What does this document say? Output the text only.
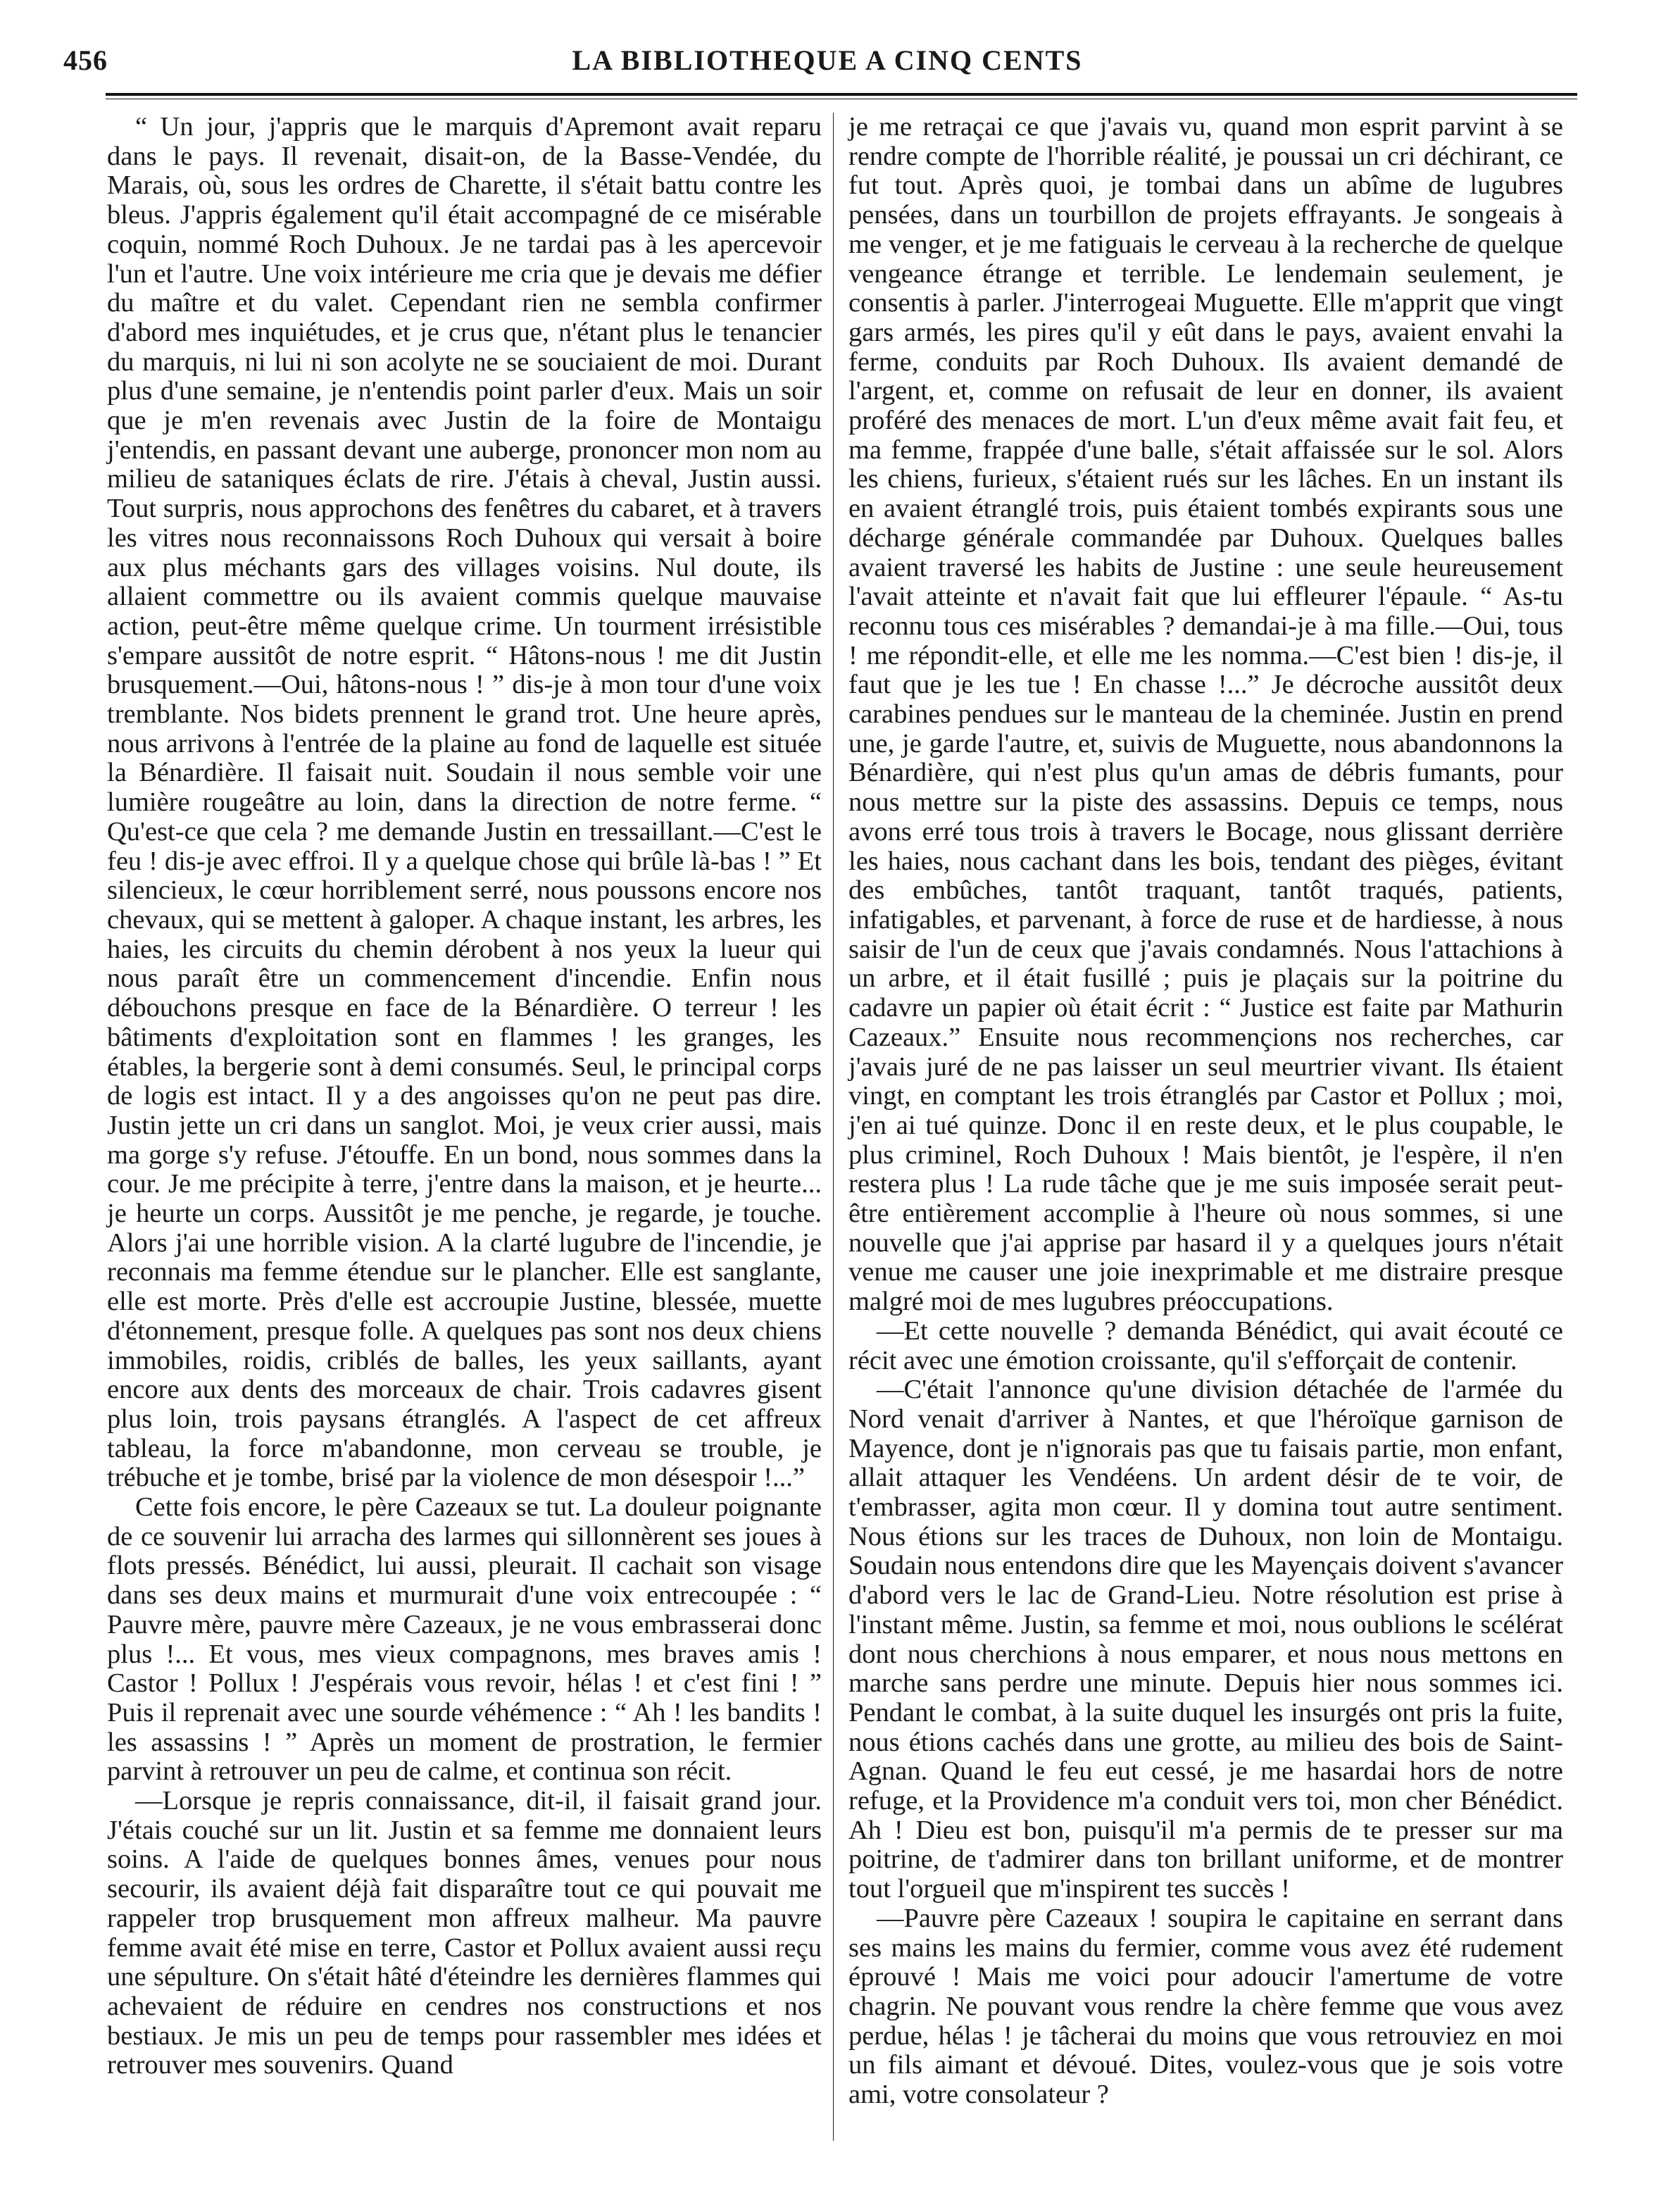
456	LA BIBLIOTHEQUE A CINQ CENTS

“ Un jour, j'appris que le marquis d'Apremont avait reparu dans le pays. Il revenait, disait-on, de la Basse-Vendée, du Marais, où, sous les ordres de Charette, il s'était battu contre les bleus. J'appris également qu'il était accompagné de ce misérable coquin, nommé Roch Duhoux. Je ne tardai pas à les apercevoir l'un et l'autre. Une voix intérieure me cria que je devais me défier du maître et du valet. Cependant rien ne sembla confirmer d'abord mes inquiétudes, et je crus que, n'étant plus le tenancier du marquis, ni lui ni son acolyte ne se souciaient de moi. Durant plus d'une semaine, je n'entendis point parler d'eux. Mais un soir que je m'en revenais avec Justin de la foire de Montaigu j'entendis, en passant devant une auberge, prononcer mon nom au milieu de sataniques éclats de rire. J'étais à cheval, Justin aussi. Tout surpris, nous approchons des fenêtres du cabaret, et à travers les vitres nous reconnaissons Roch Duhoux qui versait à boire aux plus méchants gars des villages voisins. Nul doute, ils allaient commettre ou ils avaient commis quelque mauvaise action, peut-être même quelque crime. Un tourment irrésistible s'empare aussitôt de notre esprit. “ Hâtons-nous ! me dit Justin brusquement.—Oui, hâtons-nous ! ” dis-je à mon tour d'une voix tremblante. Nos bidets prennent le grand trot. Une heure après, nous arrivons à l'entrée de la plaine au fond de laquelle est située la Bénardière. Il faisait nuit. Soudain il nous semble voir une lumière rougeâtre au loin, dans la direction de notre ferme. “ Qu'est-ce que cela ? me demande Justin en tressaillant.—C'est le feu ! dis-je avec effroi. Il y a quelque chose qui brûle là-bas ! ” Et silencieux, le cœur horriblement serré, nous poussons encore nos chevaux, qui se mettent à galoper. A chaque instant, les arbres, les haies, les circuits du chemin dérobent à nos yeux la lueur qui nous paraît être un commencement d'incendie. Enfin nous débouchons presque en face de la Bénardière. O terreur ! les bâtiments d'exploitation sont en flammes ! les granges, les étables, la bergerie sont à demi consumés. Seul, le principal corps de logis est intact. Il y a des angoisses qu'on ne peut pas dire. Justin jette un cri dans un sanglot. Moi, je veux crier aussi, mais ma gorge s'y refuse. J'étouffe. En un bond, nous sommes dans la cour. Je me précipite à terre, j'entre dans la maison, et je heurte... je heurte un corps. Aussitôt je me penche, je regarde, je touche. Alors j'ai une horrible vision. A la clarté lugubre de l'incendie, je reconnais ma femme étendue sur le plancher. Elle est sanglante, elle est morte. Près d'elle est accroupie Justine, blessée, muette d'étonnement, presque folle. A quelques pas sont nos deux chiens immobiles, roidis, criblés de balles, les yeux saillants, ayant encore aux dents des morceaux de chair. Trois cadavres gisent plus loin, trois paysans étranglés. A l'aspect de cet affreux tableau, la force m'abandonne, mon cerveau se trouble, je trébuche et je tombe, brisé par la violence de mon désespoir !...”

Cette fois encore, le père Cazeaux se tut. La douleur poignante de ce souvenir lui arracha des larmes qui sillonnèrent ses joues à flots pressés. Bénédict, lui aussi, pleurait. Il cachait son visage dans ses deux mains et murmurait d'une voix entrecoupée : “ Pauvre mère, pauvre mère Cazeaux, je ne vous embrasserai donc plus !... Et vous, mes vieux compagnons, mes braves amis ! Castor ! Pollux ! J'espérais vous revoir, hélas ! et c'est fini ! ” Puis il reprenait avec une sourde véhémence : “ Ah ! les bandits ! les assassins ! ” Après un moment de prostration, le fermier parvint à retrouver un peu de calme, et continua son récit.

—Lorsque je repris connaissance, dit-il, il faisait grand jour. J'étais couché sur un lit. Justin et sa femme me donnaient leurs soins. A l'aide de quelques bonnes âmes, venues pour nous secourir, ils avaient déjà fait disparaître tout ce qui pouvait me rappeler trop brusquement mon affreux malheur. Ma pauvre femme avait été mise en terre, Castor et Pollux avaient aussi reçu une sépulture. On s'était hâté d'éteindre les dernières flammes qui achevaient de réduire en cendres nos constructions et nos bestiaux. Je mis un peu de temps pour rassembler mes idées et retrouver mes souvenirs. Quand

je me retraçai ce que j'avais vu, quand mon esprit parvint à se rendre compte de l'horrible réalité, je poussai un cri déchirant, ce fut tout. Après quoi, je tombai dans un abîme de lugubres pensées, dans un tourbillon de projets effrayants. Je songeais à me venger, et je me fatiguais le cerveau à la recherche de quelque vengeance étrange et terrible. Le lendemain seulement, je consentis à parler. J'interrogeai Muguette. Elle m'apprit que vingt gars armés, les pires qu'il y eût dans le pays, avaient envahi la ferme, conduits par Roch Duhoux. Ils avaient demandé de l'argent, et, comme on refusait de leur en donner, ils avaient proféré des menaces de mort. L'un d'eux même avait fait feu, et ma femme, frappée d'une balle, s'était affaissée sur le sol. Alors les chiens, furieux, s'étaient rués sur les lâches. En un instant ils en avaient étranglé trois, puis étaient tombés expirants sous une décharge générale commandée par Duhoux. Quelques balles avaient traversé les habits de Justine : une seule heureusement l'avait atteinte et n'avait fait que lui effleurer l'épaule. “ As-tu reconnu tous ces misérables ? demandai-je à ma fille.—Oui, tous ! me répondit-elle, et elle me les nomma.—C'est bien ! dis-je, il faut que je les tue ! En chasse !...” Je décroche aussitôt deux carabines pendues sur le manteau de la cheminée. Justin en prend une, je garde l'autre, et, suivis de Muguette, nous abandonnons la Bénardière, qui n'est plus qu'un amas de débris fumants, pour nous mettre sur la piste des assassins. Depuis ce temps, nous avons erré tous trois à travers le Bocage, nous glissant derrière les haies, nous cachant dans les bois, tendant des pièges, évitant des embûches, tantôt traquant, tantôt traqués, patients, infatigables, et parvenant, à force de ruse et de hardiesse, à nous saisir de l'un de ceux que j'avais condamnés. Nous l'attachions à un arbre, et il était fusillé ; puis je plaçais sur la poitrine du cadavre un papier où était écrit : “ Justice est faite par Mathurin Cazeaux.” Ensuite nous recommençions nos recherches, car j'avais juré de ne pas laisser un seul meurtrier vivant. Ils étaient vingt, en comptant les trois étranglés par Castor et Pollux ; moi, j'en ai tué quinze. Donc il en reste deux, et le plus coupable, le plus criminel, Roch Duhoux ! Mais bientôt, je l'espère, il n'en restera plus ! La rude tâche que je me suis imposée serait peut-être entièrement accomplie à l'heure où nous sommes, si une nouvelle que j'ai apprise par hasard il y a quelques jours n'était venue me causer une joie inexprimable et me distraire presque malgré moi de mes lugubres préoccupations.

—Et cette nouvelle ? demanda Bénédict, qui avait écouté ce récit avec une émotion croissante, qu'il s'efforçait de contenir.

—C'était l'annonce qu'une division détachée de l'armée du Nord venait d'arriver à Nantes, et que l'héroïque garnison de Mayence, dont je n'ignorais pas que tu faisais partie, mon enfant, allait attaquer les Vendéens. Un ardent désir de te voir, de t'embrasser, agita mon cœur. Il y domina tout autre sentiment. Nous étions sur les traces de Duhoux, non loin de Montaigu. Soudain nous entendons dire que les Mayençais doivent s'avancer d'abord vers le lac de Grand-Lieu. Notre résolution est prise à l'instant même. Justin, sa femme et moi, nous oublions le scélérat dont nous cherchions à nous emparer, et nous nous mettons en marche sans perdre une minute. Depuis hier nous sommes ici. Pendant le combat, à la suite duquel les insurgés ont pris la fuite, nous étions cachés dans une grotte, au milieu des bois de Saint-Agnan. Quand le feu eut cessé, je me hasardai hors de notre refuge, et la Providence m'a conduit vers toi, mon cher Bénédict. Ah ! Dieu est bon, puisqu'il m'a permis de te presser sur ma poitrine, de t'admirer dans ton brillant uniforme, et de montrer tout l'orgueil que m'inspirent tes succès !

—Pauvre père Cazeaux ! soupira le capitaine en serrant dans ses mains les mains du fermier, comme vous avez été rudement éprouvé ! Mais me voici pour adoucir l'amertume de votre chagrin. Ne pouvant vous rendre la chère femme que vous avez perdue, hélas ! je tâcherai du moins que vous retrouviez en moi un fils aimant et dévoué. Dites, voulez-vous que je sois votre ami, votre consolateur ?
